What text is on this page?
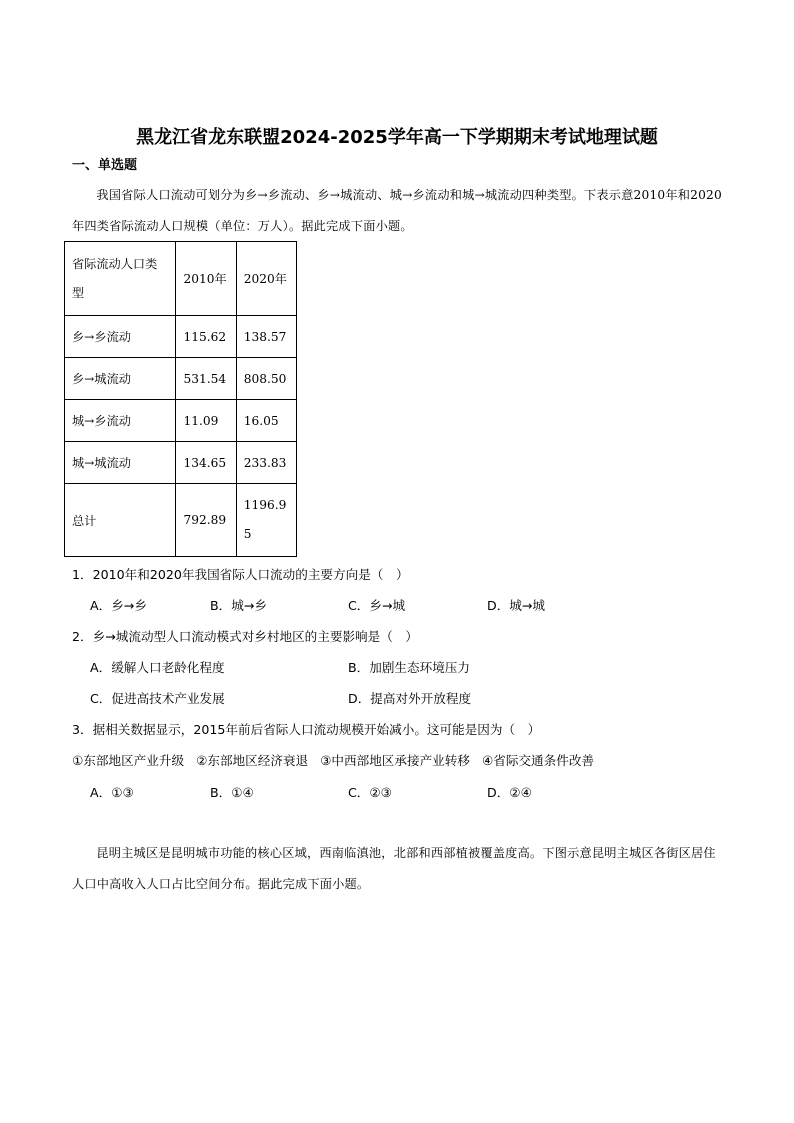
黑龙江省龙东联盟2024-2025学年高一下学期期末考试地理试题
一、单选题
我国省际人口流动可划分为乡→乡流动、乡→城流动、城→乡流动和城→城流动四种类型。下表示意2010年和2020年四类省际流动人口规模（单位：万人）。据此完成下面小题。
省际流动人口类型	2010年	2020年
乡→乡流动	115.62	138.57
乡→城流动	531.54	808.50
城→乡流动	11.09	16.05
城→城流动	134.65	233.83
总计	792.89	1196.95
1．2010年和2020年我国省际人口流动的主要方向是（　）
A．乡→乡	B．城→乡	C．乡→城	D．城→城
2．乡→城流动型人口流动模式对乡村地区的主要影响是（　）
A．缓解人口老龄化程度	B．加剧生态环境压力
C．促进高技术产业发展	D．提高对外开放程度
3．据相关数据显示，2015年前后省际人口流动规模开始减小。这可能是因为（　）
①东部地区产业升级 ②东部地区经济衰退 ③中西部地区承接产业转移 ④省际交通条件改善
A．①③	B．①④	C．②③	D．②④
昆明主城区是昆明城市功能的核心区域，西南临滇池，北部和西部植被覆盖度高。下图示意昆明主城区各街区居住人口中高收入人口占比空间分布。据此完成下面小题。
